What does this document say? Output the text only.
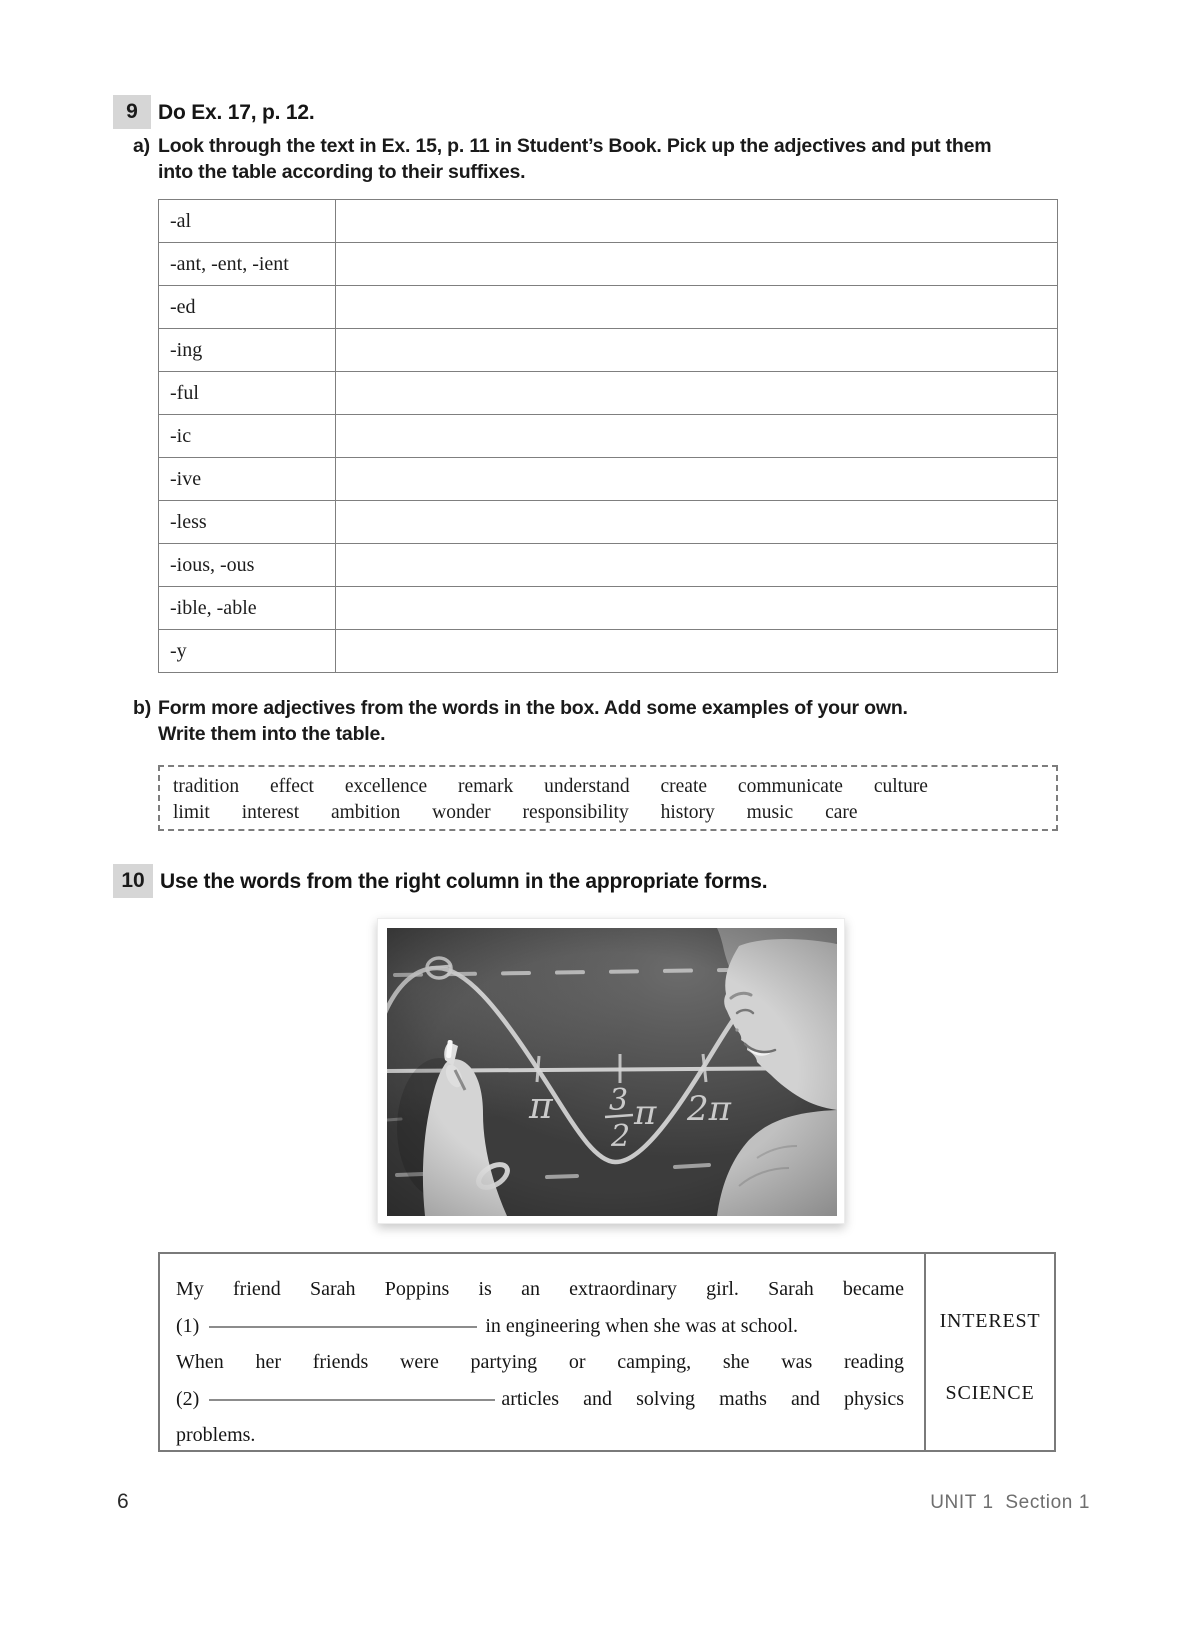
9 Do Ex. 17, p. 12.
a) Look through the text in Ex. 15, p. 11 in Student’s Book. Pick up the adjectives and put them
into the table according to their suffixes.
-al	
-ant, -ent, -ient	
-ed	
-ing	
-ful	
-ic	
-ive	
-less	
-ious, -ous	
-ible, -able	
-y	
b) Form more adjectives from the words in the box. Add some examples of your own.
Write them into the table.
tradition effect excellence remark understand create communicate culture
limit interest ambition wonder responsibility history music care
10 Use the words from the right column in the appropriate forms.
My friend Sarah Poppins is an extraordinary girl. Sarah became
(1)	in engineering when she was at school.
When her friends were partying or camping, she was reading
(2)	articles and solving maths and physics
problems.
INTEREST
SCIENCE
6	UNIT 1  Section 1
